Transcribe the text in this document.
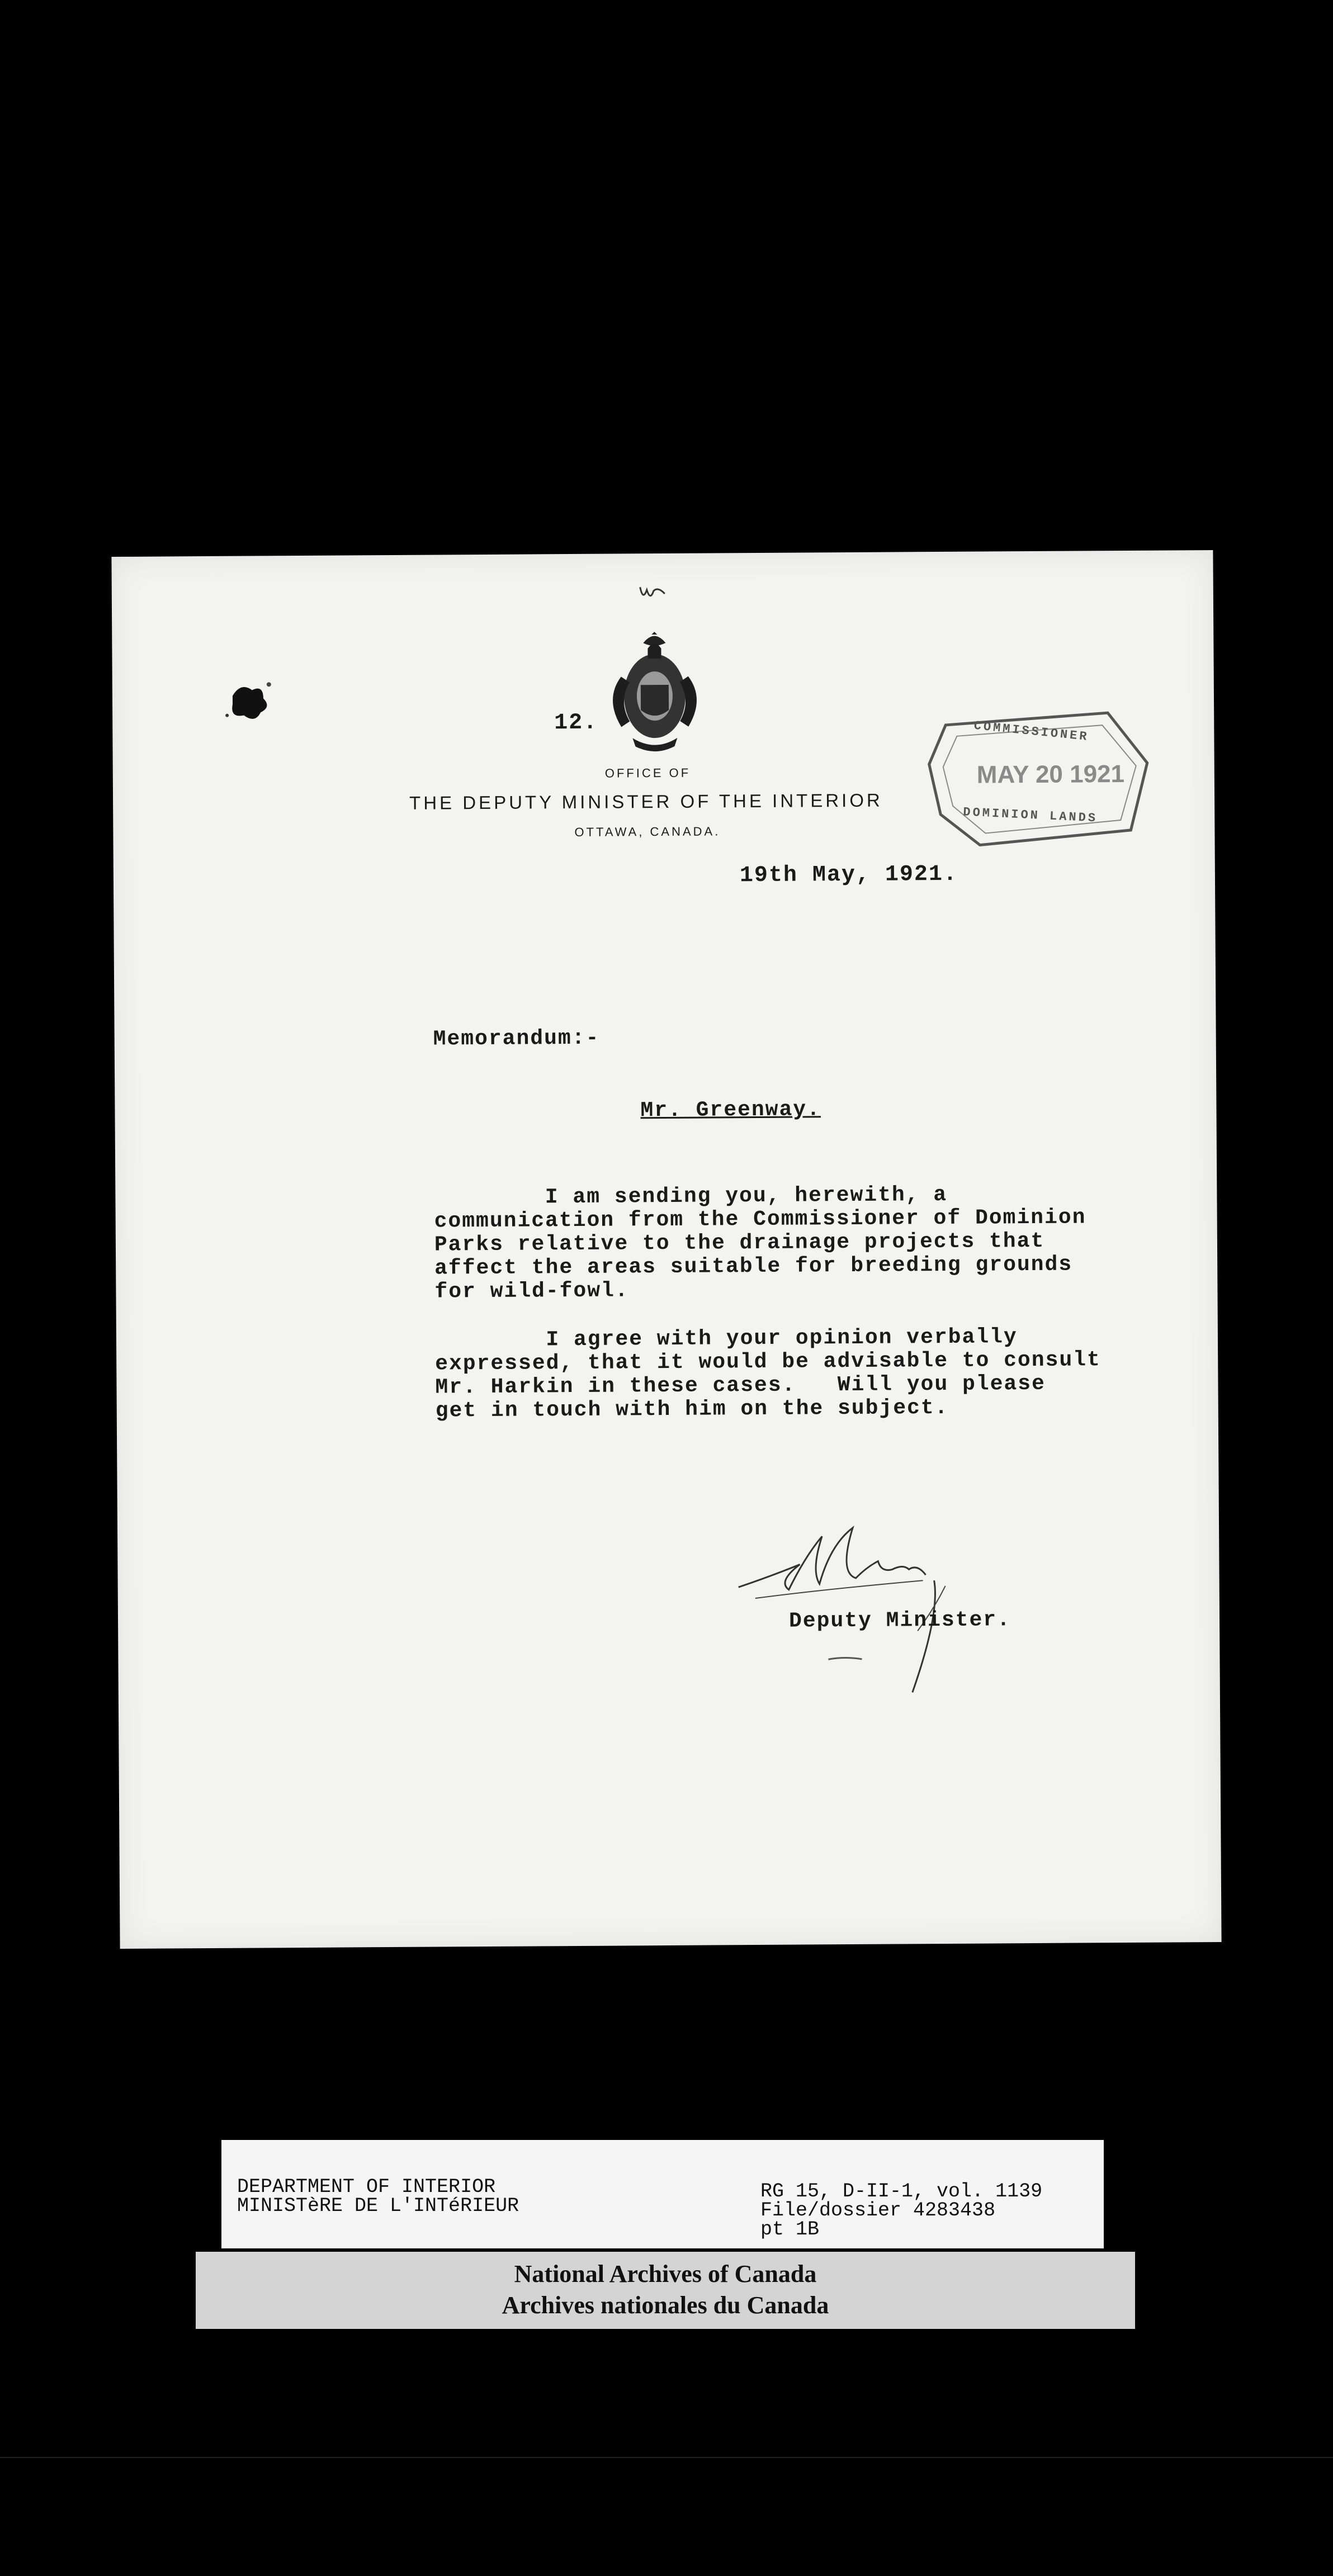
12.
OFFICE OF
THE DEPUTY MINISTER OF THE INTERIOR
OTTAWA, CANADA.
COMMISSIONER
MAY 20 1921
DOMINION LANDS
19th May, 1921.
Memorandum:-
Mr. Greenway.
I am sending you, herewith, a
communication from the Commissioner of Dominion
Parks relative to the drainage projects that
affect the areas suitable for breeding grounds
for wild-fowl.
I agree with your opinion verbally
expressed, that it would be advisable to consult
Mr. Harkin in these cases.   Will you please
get in touch with him on the subject.
Deputy Minister.
DEPARTMENT OF INTERIOR
MINISTèRE DE L'INTéRIEUR
RG 15, D-II-1, vol. 1139
File/dossier 4283438
pt 1B
National Archives of Canada
Archives nationales du Canada
